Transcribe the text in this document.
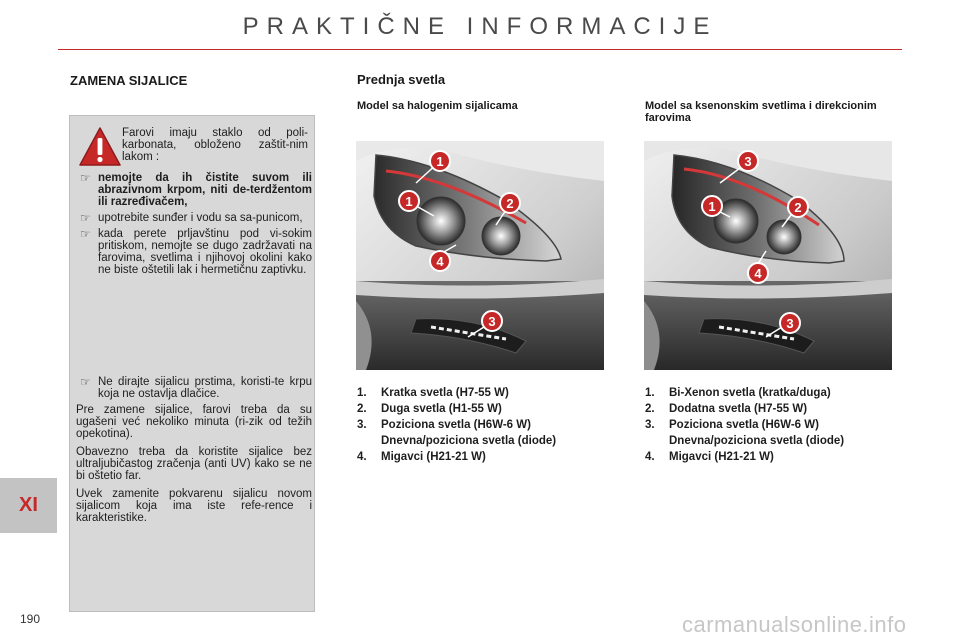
PRAKTIČNE INFORMACIJE
ZAMENA SIJALICE	Prednja svetla
Model sa halogenim sijalicama	Model sa ksenonskim svetlima i direkcionim farovima
Farovi imaju staklo od poli-karbonata, obloženo zaštit-nim lakom :
☞ nemojte da ih čistite suvom ili abrazivnom krpom, niti de-terdžentom ili razređivačem,
☞ upotrebite sunđer i vodu sa sa-punicom,
☞ kada perete prljavštinu pod vi-sokim pritiskom, nemojte se dugo zadržavati na farovima, svetlima i njihovoj okolini kako ne biste oštetili lak i hermetičnu zaptivku.
☞ Ne dirajte sijalicu prstima, koristi-te krpu koja ne ostavlja dlačice.
Pre zamene sijalice, farovi treba da su ugašeni već nekoliko minuta (ri-zik od težih opekotina).
Obavezno treba da koristite sijalice bez ultraljubičastog zračenja (anti UV) kako se ne bi oštetio far.
Uvek zamenite pokvarenu sijalicu novom sijalicom koja ima iste refe-rence i karakteristike.
1
1	2
4
3
3
1	2
4
3
1. Kratka svetla (H7-55 W)
2. Duga svetla (H1-55 W)
3. Poziciona svetla (H6W-6 W)
Dnevna/poziciona svetla (diode)
4. Migavci (H21-21 W)
1. Bi-Xenon svetla (kratka/duga)
2. Dodatna svetla (H7-55 W)
3. Poziciona svetla (H6W-6 W)
Dnevna/poziciona svetla (diode)
4. Migavci (H21-21 W)
XI
190	carmanualsonline.info
